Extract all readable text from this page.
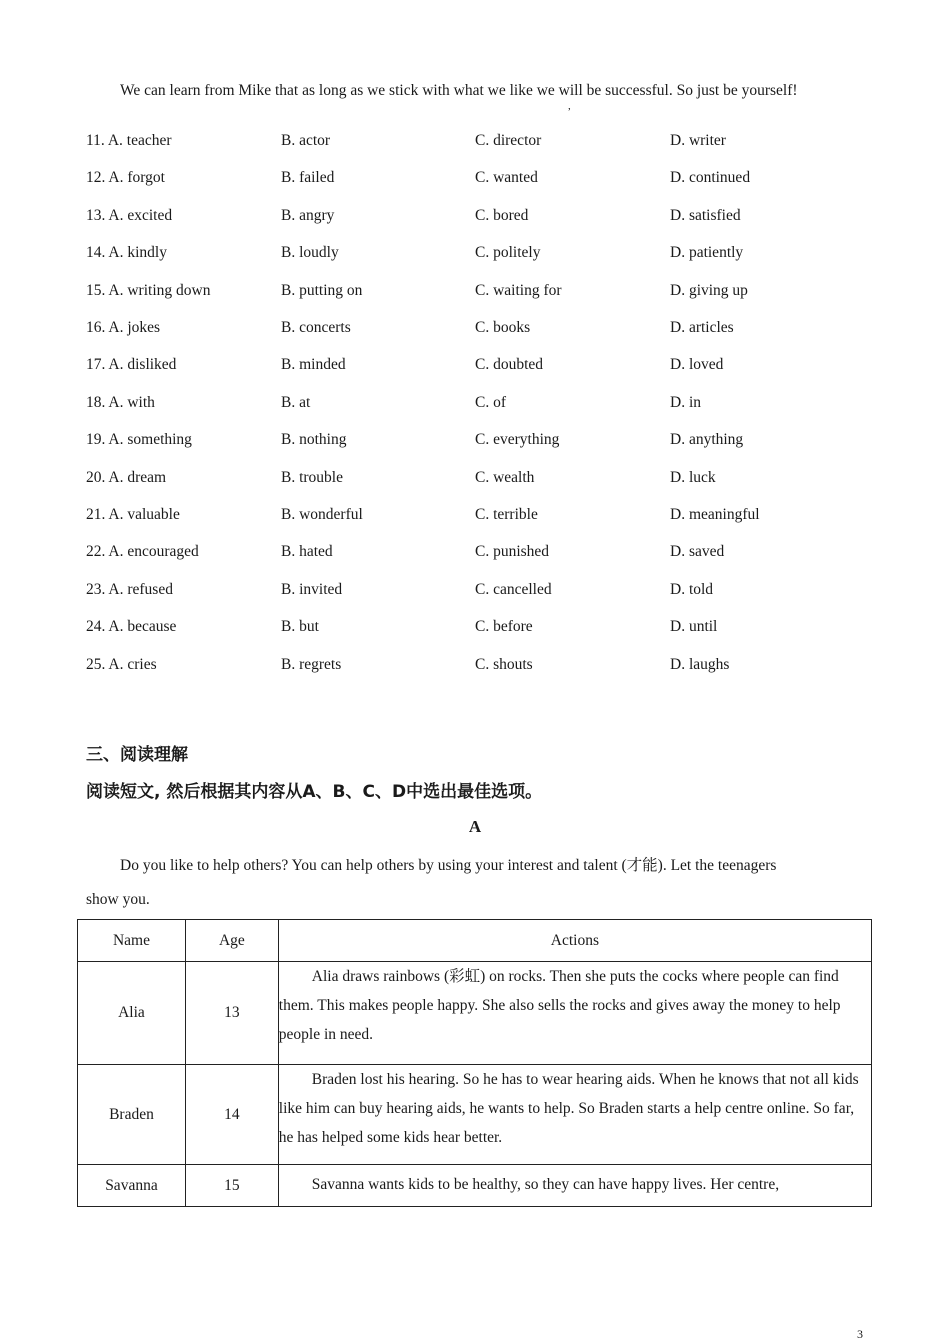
We can learn from Mike that as long as we stick with what we like we will be successful. So just be yourself!
,
11. A. teacher	B. actor	C. director	D. writer
12. A. forgot	B. failed	C. wanted	D. continued
13. A. excited	B. angry	C. bored	D. satisfied
14. A. kindly	B. loudly	C. politely	D. patiently
15. A. writing down	B. putting on	C. waiting for	D. giving up
16. A. jokes	B. concerts	C. books	D. articles
17. A. disliked	B. minded	C. doubted	D. loved
18. A. with	B. at	C. of	D. in
19. A. something	B. nothing	C. everything	D. anything
20. A. dream	B. trouble	C. wealth	D. luck
21. A. valuable	B. wonderful	C. terrible	D. meaningful
22. A. encouraged	B. hated	C. punished	D. saved
23. A. refused	B. invited	C. cancelled	D. told
24. A. because	B. but	C. before	D. until
25. A. cries	B. regrets	C. shouts	D. laughs
三、阅读理解
阅读短文, 然后根据其内容从A、B、C、D中选出最佳选项。
A
Do you like to help others? You can help others by using your interest and talent (才能). Let the teenagers
show you.
Name	Age	Actions
Alia	13	Alia draws rainbows (彩虹) on rocks. Then she puts the cocks where people can find them. This makes people happy. She also sells the rocks and gives away the money to help people in need.
Braden	14	Braden lost his hearing. So he has to wear hearing aids. When he knows that not all kids like him can buy hearing aids, he wants to help. So Braden starts a help centre online. So far, he has helped some kids hear better.
Savanna	15	Savanna wants kids to be healthy, so they can have happy lives. Her centre,
3
